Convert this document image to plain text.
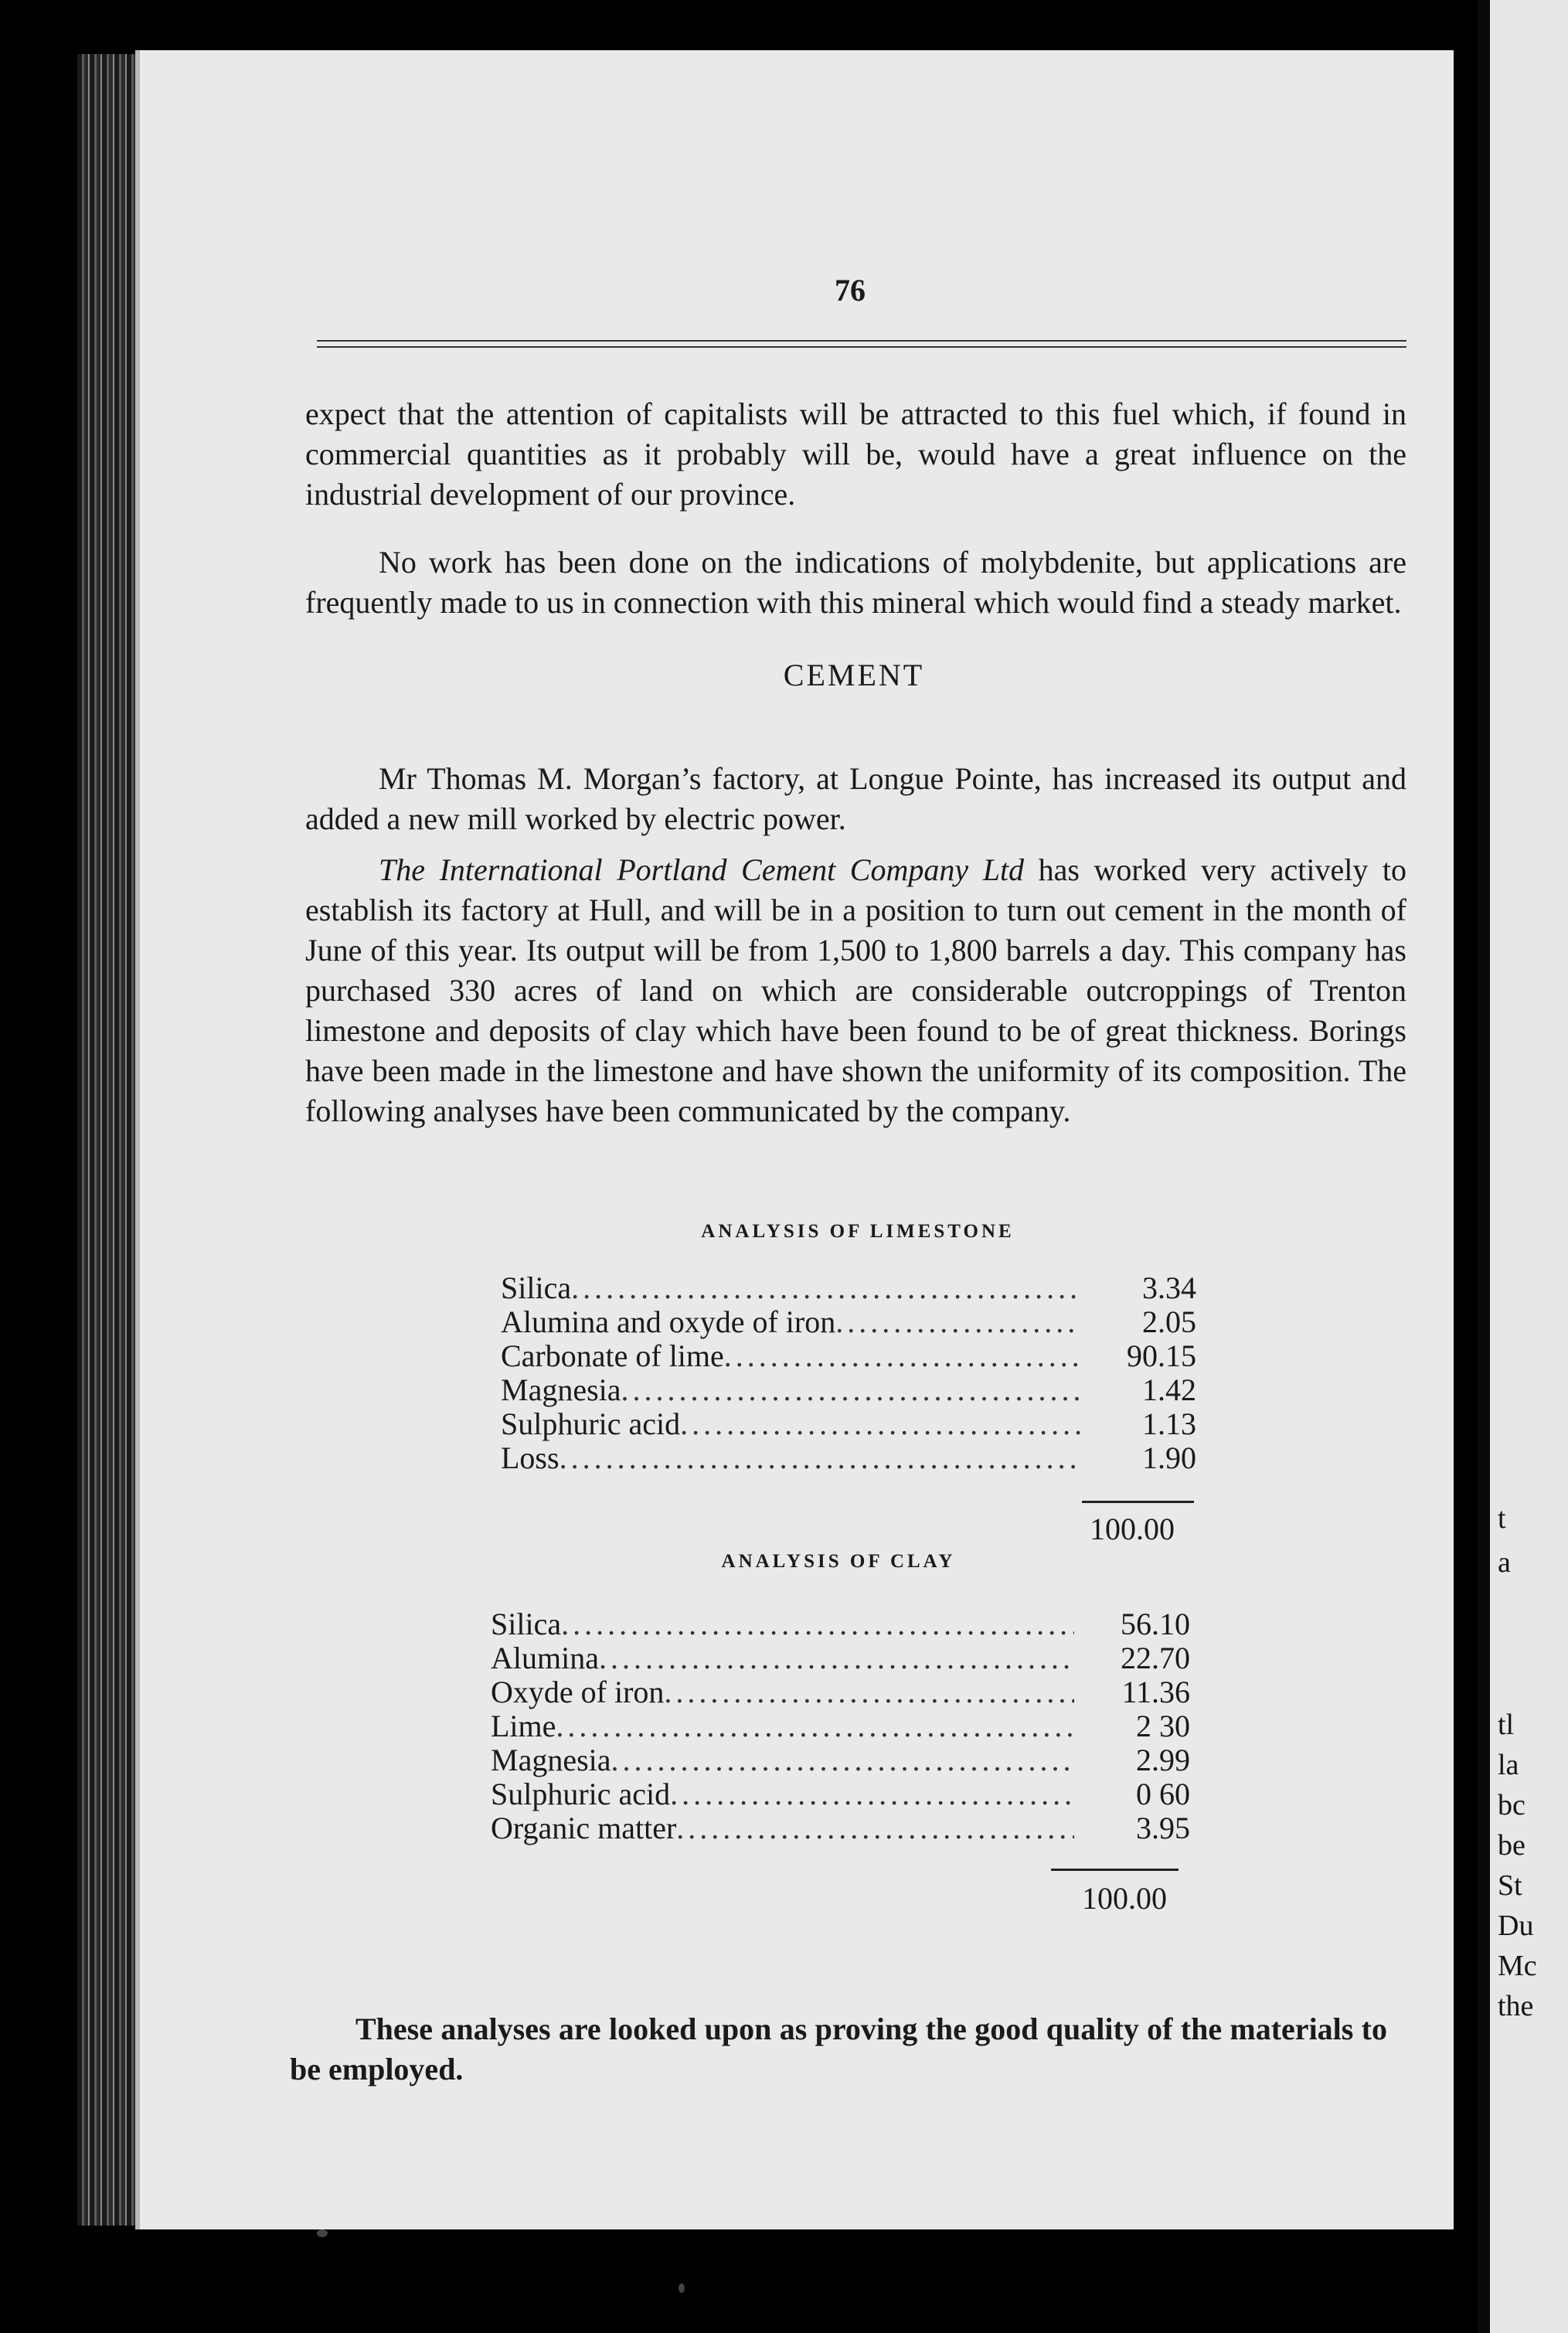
t
a
tl
la
bc
be
St
Du
Mc
the
76

expect that the attention of capitalists will be attracted to this fuel which, if found in commercial quantities as it probably will be, would have a great influence on the industrial development of our province.

No work has been done on the indications of molybdenite, but applications are frequently made to us in connection with this mineral which would find a steady market.

CEMENT

Mr Thomas M. Morgan’s factory, at Longue Pointe, has increased its output and added a new mill worked by electric power.

The International Portland Cement Company Ltd has worked very actively to establish its factory at Hull, and will be in a position to turn out cement in the month of June of this year. Its output will be from 1,500 to 1,800 barrels a day. This company has purchased 330 acres of land on which are considerable outcroppings of Trenton limestone and deposits of clay which have been found to be of great thickness. Borings have been made in the limestone and have shown the uniformity of its composition. The following analyses have been communicated by the company.

ANALYSIS OF LIMESTONE
Silica .....	3.34
Alumina and oxyde of iron .....	2.05
Carbonate of lime .....	90.15
Magnesia .....	1.42
Sulphuric acid .....	1.13
Loss .....	1.90
100.00
ANALYSIS OF CLAY
Silica .....	56.10
Alumina .....	22.70
Oxyde of iron .....	11.36
Lime .....	2 30
Magnesia .....	2.99
Sulphuric acid .....	0 60
Organic matter .....	3.95
100.00

These analyses are looked upon as proving the good quality of the materials to be employed.
